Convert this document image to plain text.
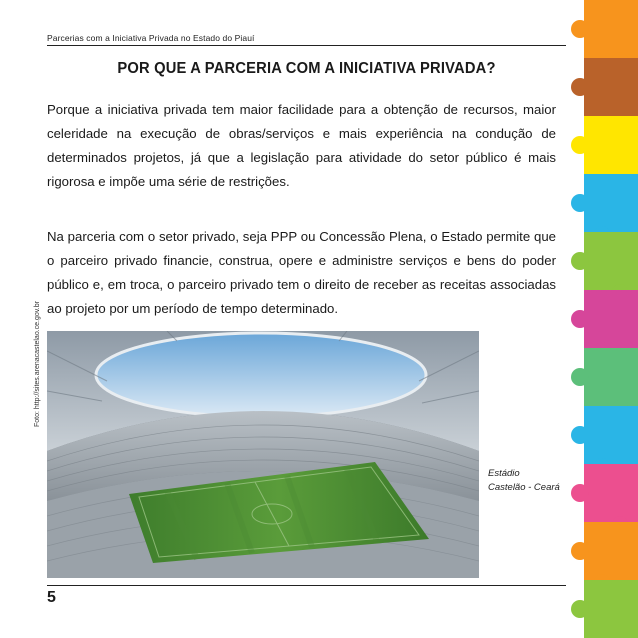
Parcerias com a Iniciativa Privada no Estado do Piauí
POR QUE A PARCERIA COM A INICIATIVA PRIVADA?

Porque a iniciativa privada tem maior facilidade para a obtenção de recursos, maior celeridade na execução de obras/serviços e mais experiência na condução de determinados projetos, já que a legislação para atividade do setor público é mais rigorosa e impõe uma série de restrições.

Na parceria com o setor privado, seja PPP ou Concessão Plena, o Estado permite que o parceiro privado financie, construa, opere e administre serviços e bens do poder público e, em troca, o parceiro privado tem o direito de receber as receitas associadas ao projeto por um período de tempo determinado.

Foto: http://sites.arenacastelao.ce.gov.br
Estádio
Castelão - Ceará
5
